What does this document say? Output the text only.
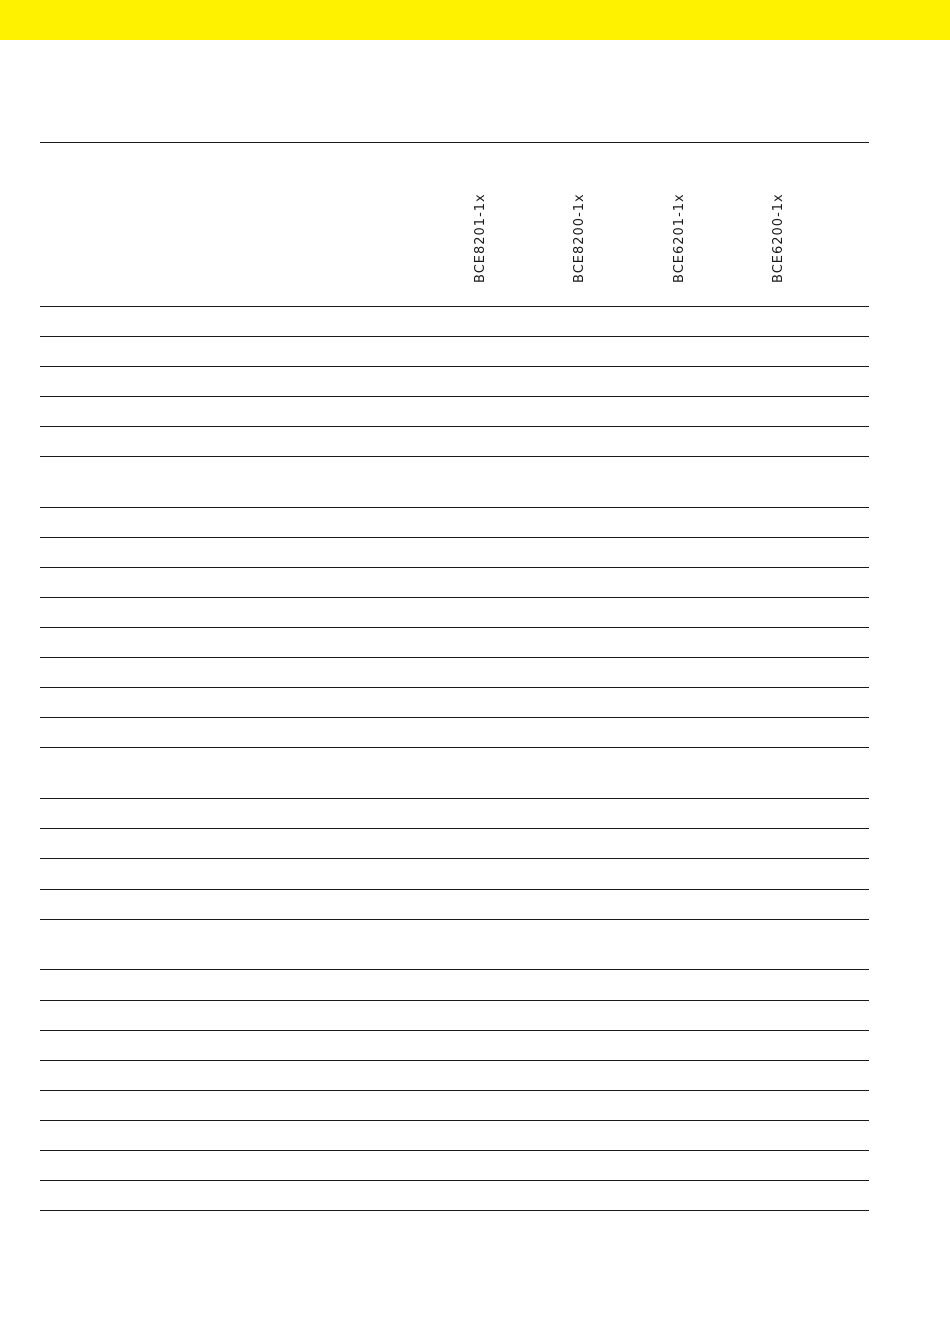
BCE8201-1x	BCE8200-1x	BCE6201-1x	BCE6200-1x
